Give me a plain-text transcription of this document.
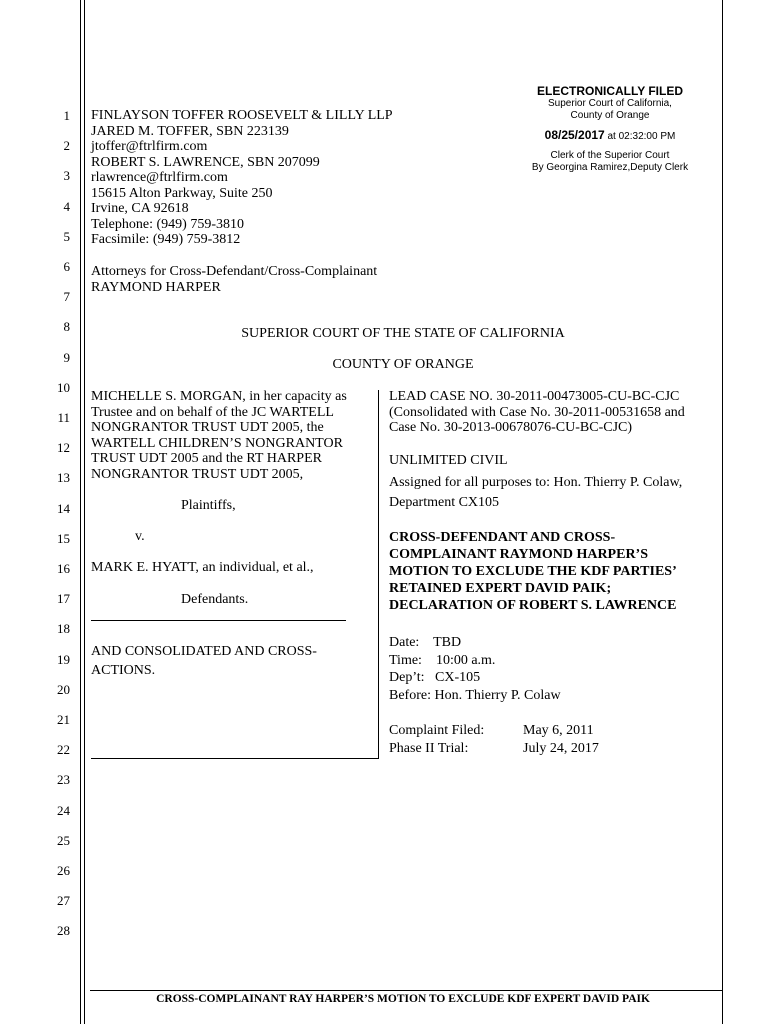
1
2
3
4
5
6
7
8
9
10
11
12
13
14
15
16
17
18
19
20
21
22
23
24
25
26
27
28
ELECTRONICALLY FILED
Superior Court of California,
County of Orange
08/25/2017 at 02:32:00 PM
Clerk of the Superior Court
By Georgina Ramirez,Deputy Clerk
FINLAYSON TOFFER ROOSEVELT & LILLY LLP
JARED M. TOFFER, SBN 223139
jtoffer@ftrlfirm.com
ROBERT S. LAWRENCE, SBN 207099
rlawrence@ftrlfirm.com
15615 Alton Parkway, Suite 250
Irvine, CA 92618
Telephone: (949) 759-3810
Facsimile: (949) 759-3812
Attorneys for Cross-Defendant/Cross-Complainant
RAYMOND HARPER
SUPERIOR COURT OF THE STATE OF CALIFORNIA
COUNTY OF ORANGE
MICHELLE S. MORGAN, in her capacity as
Trustee and on behalf of the JC WARTELL
NONGRANTOR TRUST UDT 2005, the
WARTELL CHILDREN’S NONGRANTOR
TRUST UDT 2005 and the RT HARPER
NONGRANTOR TRUST UDT 2005,
Plaintiffs,
v.
MARK E. HYATT, an individual, et al.,
Defendants.
AND CONSOLIDATED AND CROSS-
ACTIONS.
LEAD CASE NO. 30-2011-00473005-CU-BC-CJC
(Consolidated with Case No. 30-2011-00531658 and
Case No. 30-2013-00678076-CU-BC-CJC)
UNLIMITED CIVIL
Assigned for all purposes to: Hon. Thierry P. Colaw,
Department CX105
CROSS-DEFENDANT AND CROSS-
COMPLAINANT RAYMOND HARPER’S
MOTION TO EXCLUDE THE KDF PARTIES’
RETAINED EXPERT DAVID PAIK;
DECLARATION OF ROBERT S. LAWRENCE
Date:    TBD
Time:    10:00 a.m.
Dep’t:   CX-105
Before: Hon. Thierry P. Colaw
Complaint Filed:	May 6, 2011
Phase II Trial:	July 24, 2017
CROSS-COMPLAINANT RAY HARPER’S MOTION TO EXCLUDE KDF EXPERT DAVID PAIK
